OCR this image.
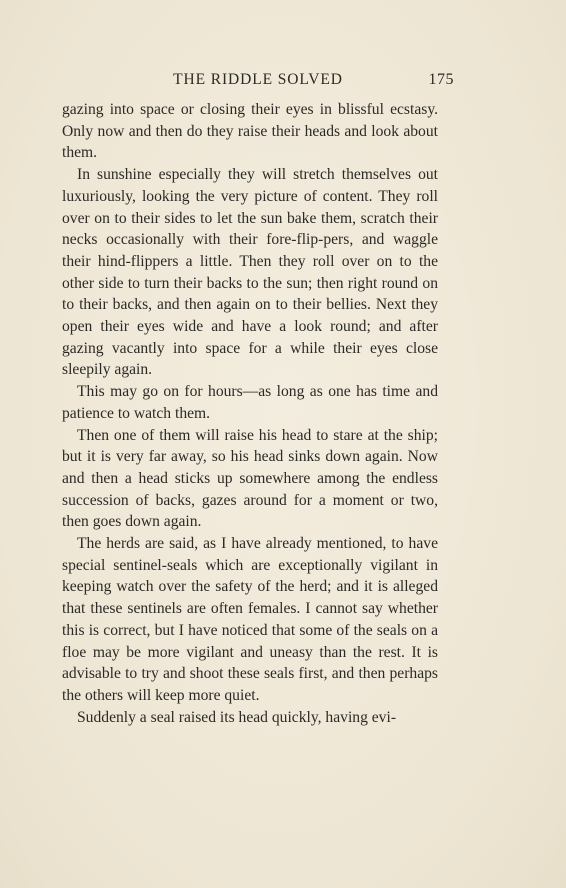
THE RIDDLE SOLVED	175

gazing into space or closing their eyes in blissful ecstasy. Only now and then do they raise their heads and look about them.

In sunshine especially they will stretch themselves out luxuriously, looking the very picture of content. They roll over on to their sides to let the sun bake them, scratch their necks occasionally with their fore-flip-pers, and waggle their hind-flippers a little. Then they roll over on to the other side to turn their backs to the sun; then right round on to their backs, and then again on to their bellies. Next they open their eyes wide and have a look round; and after gazing vacantly into space for a while their eyes close sleepily again.

This may go on for hours—as long as one has time and patience to watch them.

Then one of them will raise his head to stare at the ship; but it is very far away, so his head sinks down again. Now and then a head sticks up somewhere among the endless succession of backs, gazes around for a moment or two, then goes down again.

The herds are said, as I have already mentioned, to have special sentinel-seals which are exceptionally vigilant in keeping watch over the safety of the herd; and it is alleged that these sentinels are often females. I cannot say whether this is correct, but I have noticed that some of the seals on a floe may be more vigilant and uneasy than the rest. It is advisable to try and shoot these seals first, and then perhaps the others will keep more quiet.

Suddenly a seal raised its head quickly, having evi-
